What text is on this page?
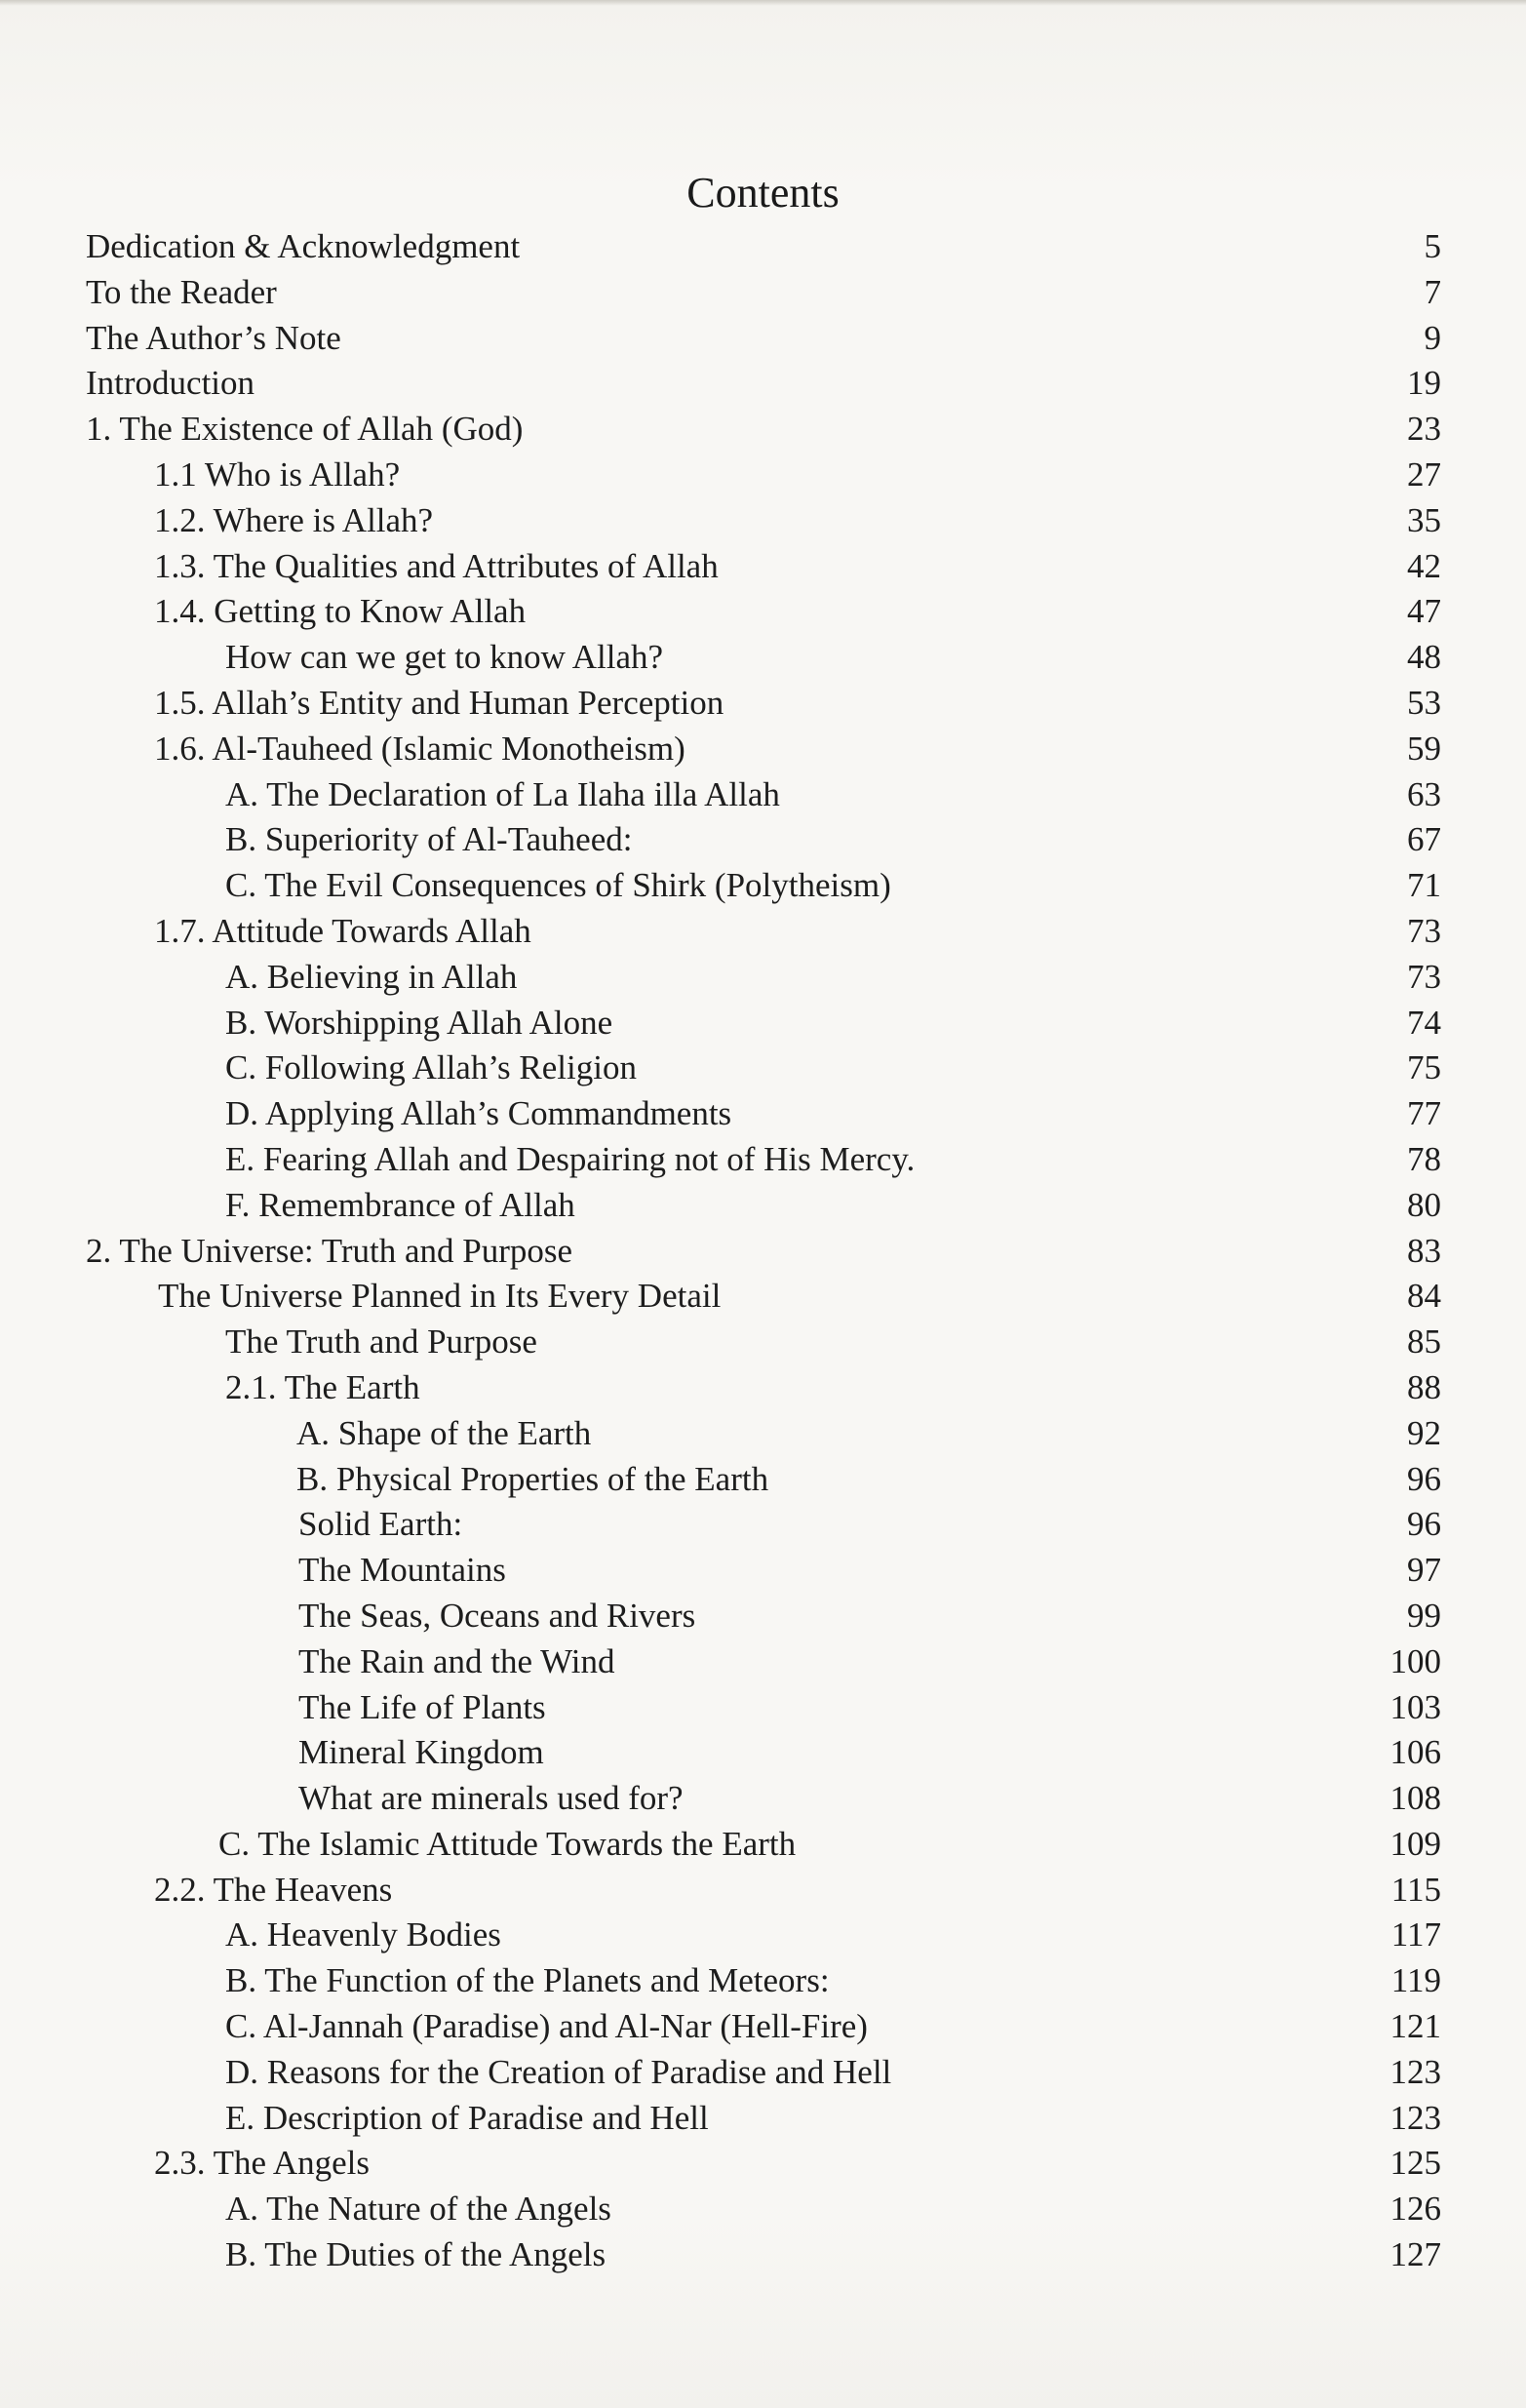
Contents
Dedication & Acknowledgment	5
To the Reader	7
The Author’s Note	9
Introduction	19
1. The Existence of Allah (God)	23
1.1 Who is Allah?	27
1.2. Where is Allah?	35
1.3. The Qualities and Attributes of Allah	42
1.4. Getting to Know Allah	47
How can we get to know Allah?	48
1.5. Allah’s Entity and Human Perception	53
1.6. Al-Tauheed (Islamic Monotheism)	59
A. The Declaration of La Ilaha illa Allah	63
B. Superiority of Al-Tauheed:	67
C. The Evil Consequences of Shirk (Polytheism)	71
1.7. Attitude Towards Allah	73
A. Believing in Allah	73
B. Worshipping Allah Alone	74
C. Following Allah’s Religion	75
D. Applying Allah’s Commandments	77
E. Fearing Allah and Despairing not of His Mercy.	78
F. Remembrance of Allah	80
2. The Universe: Truth and Purpose	83
The Universe Planned in Its Every Detail	84
The Truth and Purpose	85
2.1. The Earth	88
A. Shape of the Earth	92
B. Physical Properties of the Earth	96
Solid Earth:	96
The Mountains	97
The Seas, Oceans and Rivers	99
The Rain and the Wind	100
The Life of Plants	103
Mineral Kingdom	106
What are minerals used for?	108
C. The Islamic Attitude Towards the Earth	109
2.2. The Heavens	115
A. Heavenly Bodies	117
B. The Function of the Planets and Meteors:	119
C. Al-Jannah (Paradise) and Al-Nar (Hell-Fire)	121
D. Reasons for the Creation of Paradise and Hell	123
E. Description of Paradise and Hell	123
2.3. The Angels	125
A. The Nature of the Angels	126
B. The Duties of the Angels	127
